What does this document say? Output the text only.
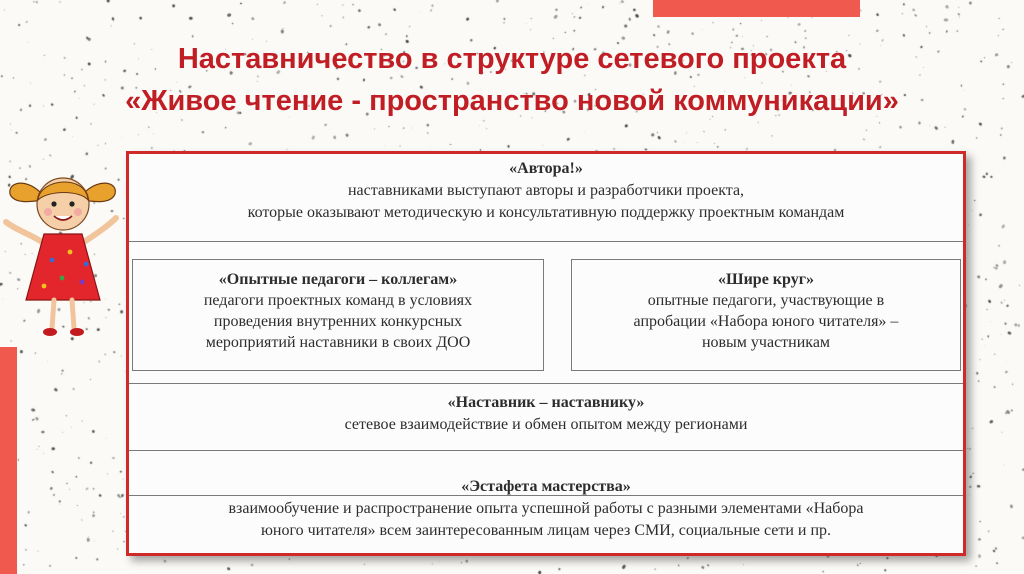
Наставничество в структуре сетевого проекта
«Живое чтение - пространство новой коммуникации»
«Автора!»
наставниками выступают авторы и разработчики проекта,
которые оказывают методическую и консультативную поддержку проектным командам
«Опытные педагоги – коллегам»
педагоги проектных команд в условиях
проведения внутренних конкурсных
мероприятий наставники в своих ДОО
«Шире круг»
опытные педагоги, участвующие в
апробации «Набора юного читателя» –
новым участникам
«Наставник – наставнику»
сетевое взаимодействие и обмен опытом между регионами
«Эстафета мастерства»
взаимообучение и распространение опыта успешной работы с разными элементами «Набора
юного читателя» всем заинтересованным лицам через СМИ, социальные сети и пр.
